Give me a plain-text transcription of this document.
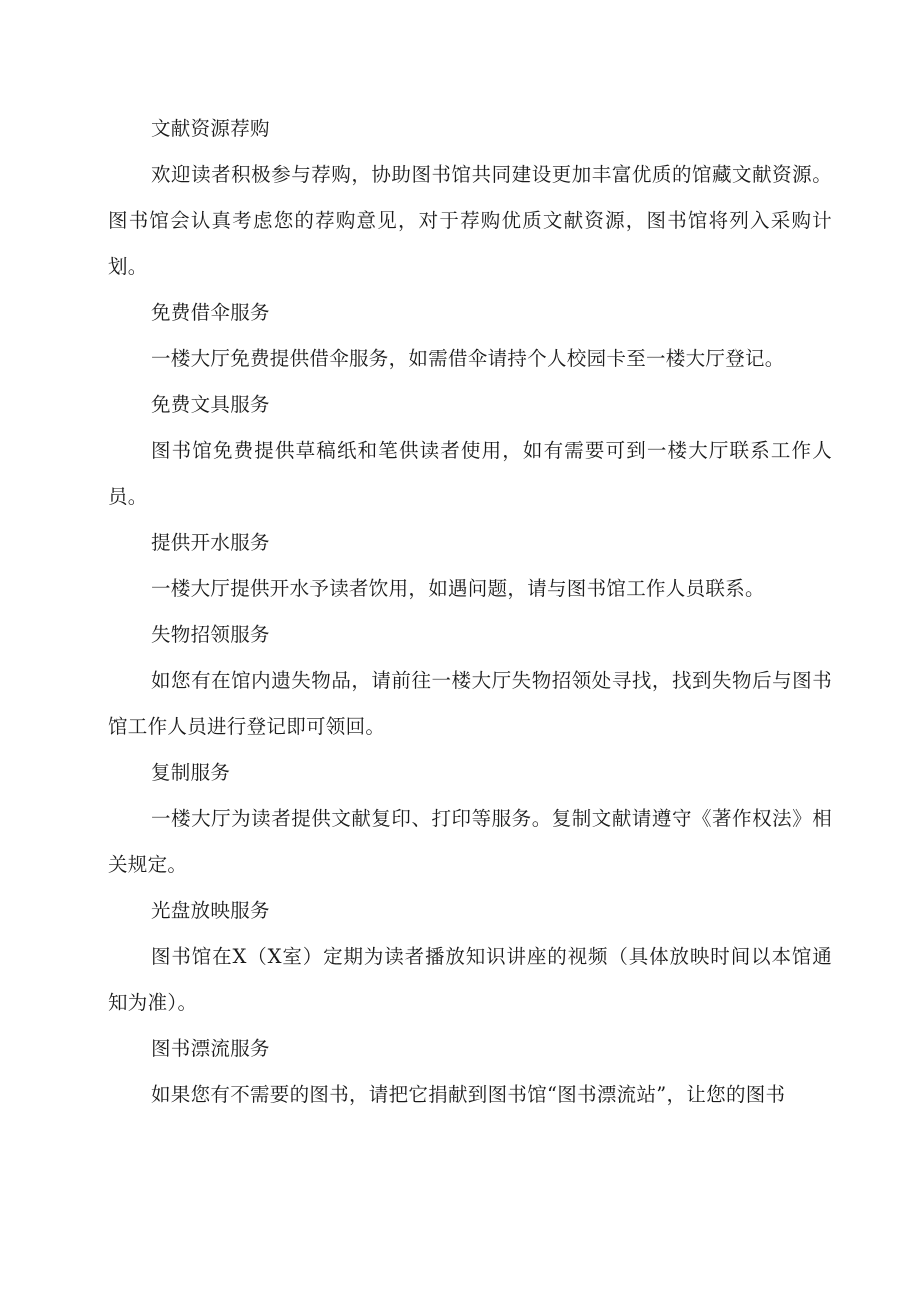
文献资源荐购

欢迎读者积极参与荐购，协助图书馆共同建设更加丰富优质的馆藏文献资源。图书馆会认真考虑您的荐购意见，对于荐购优质文献资源，图书馆将列入采购计划。

免费借伞服务

一楼大厅免费提供借伞服务，如需借伞请持个人校园卡至一楼大厅登记。

免费文具服务

图书馆免费提供草稿纸和笔供读者使用，如有需要可到一楼大厅联系工作人员。

提供开水服务

一楼大厅提供开水予读者饮用，如遇问题，请与图书馆工作人员联系。

失物招领服务

如您有在馆内遗失物品，请前往一楼大厅失物招领处寻找，找到失物后与图书馆工作人员进行登记即可领回。

复制服务

一楼大厅为读者提供文献复印、打印等服务。复制文献请遵守《著作权法》相关规定。

光盘放映服务

图书馆在X（X室）定期为读者播放知识讲座的视频（具体放映时间以本馆通知为准）。

图书漂流服务

如果您有不需要的图书，请把它捐献到图书馆“图书漂流站”，让您的图书
